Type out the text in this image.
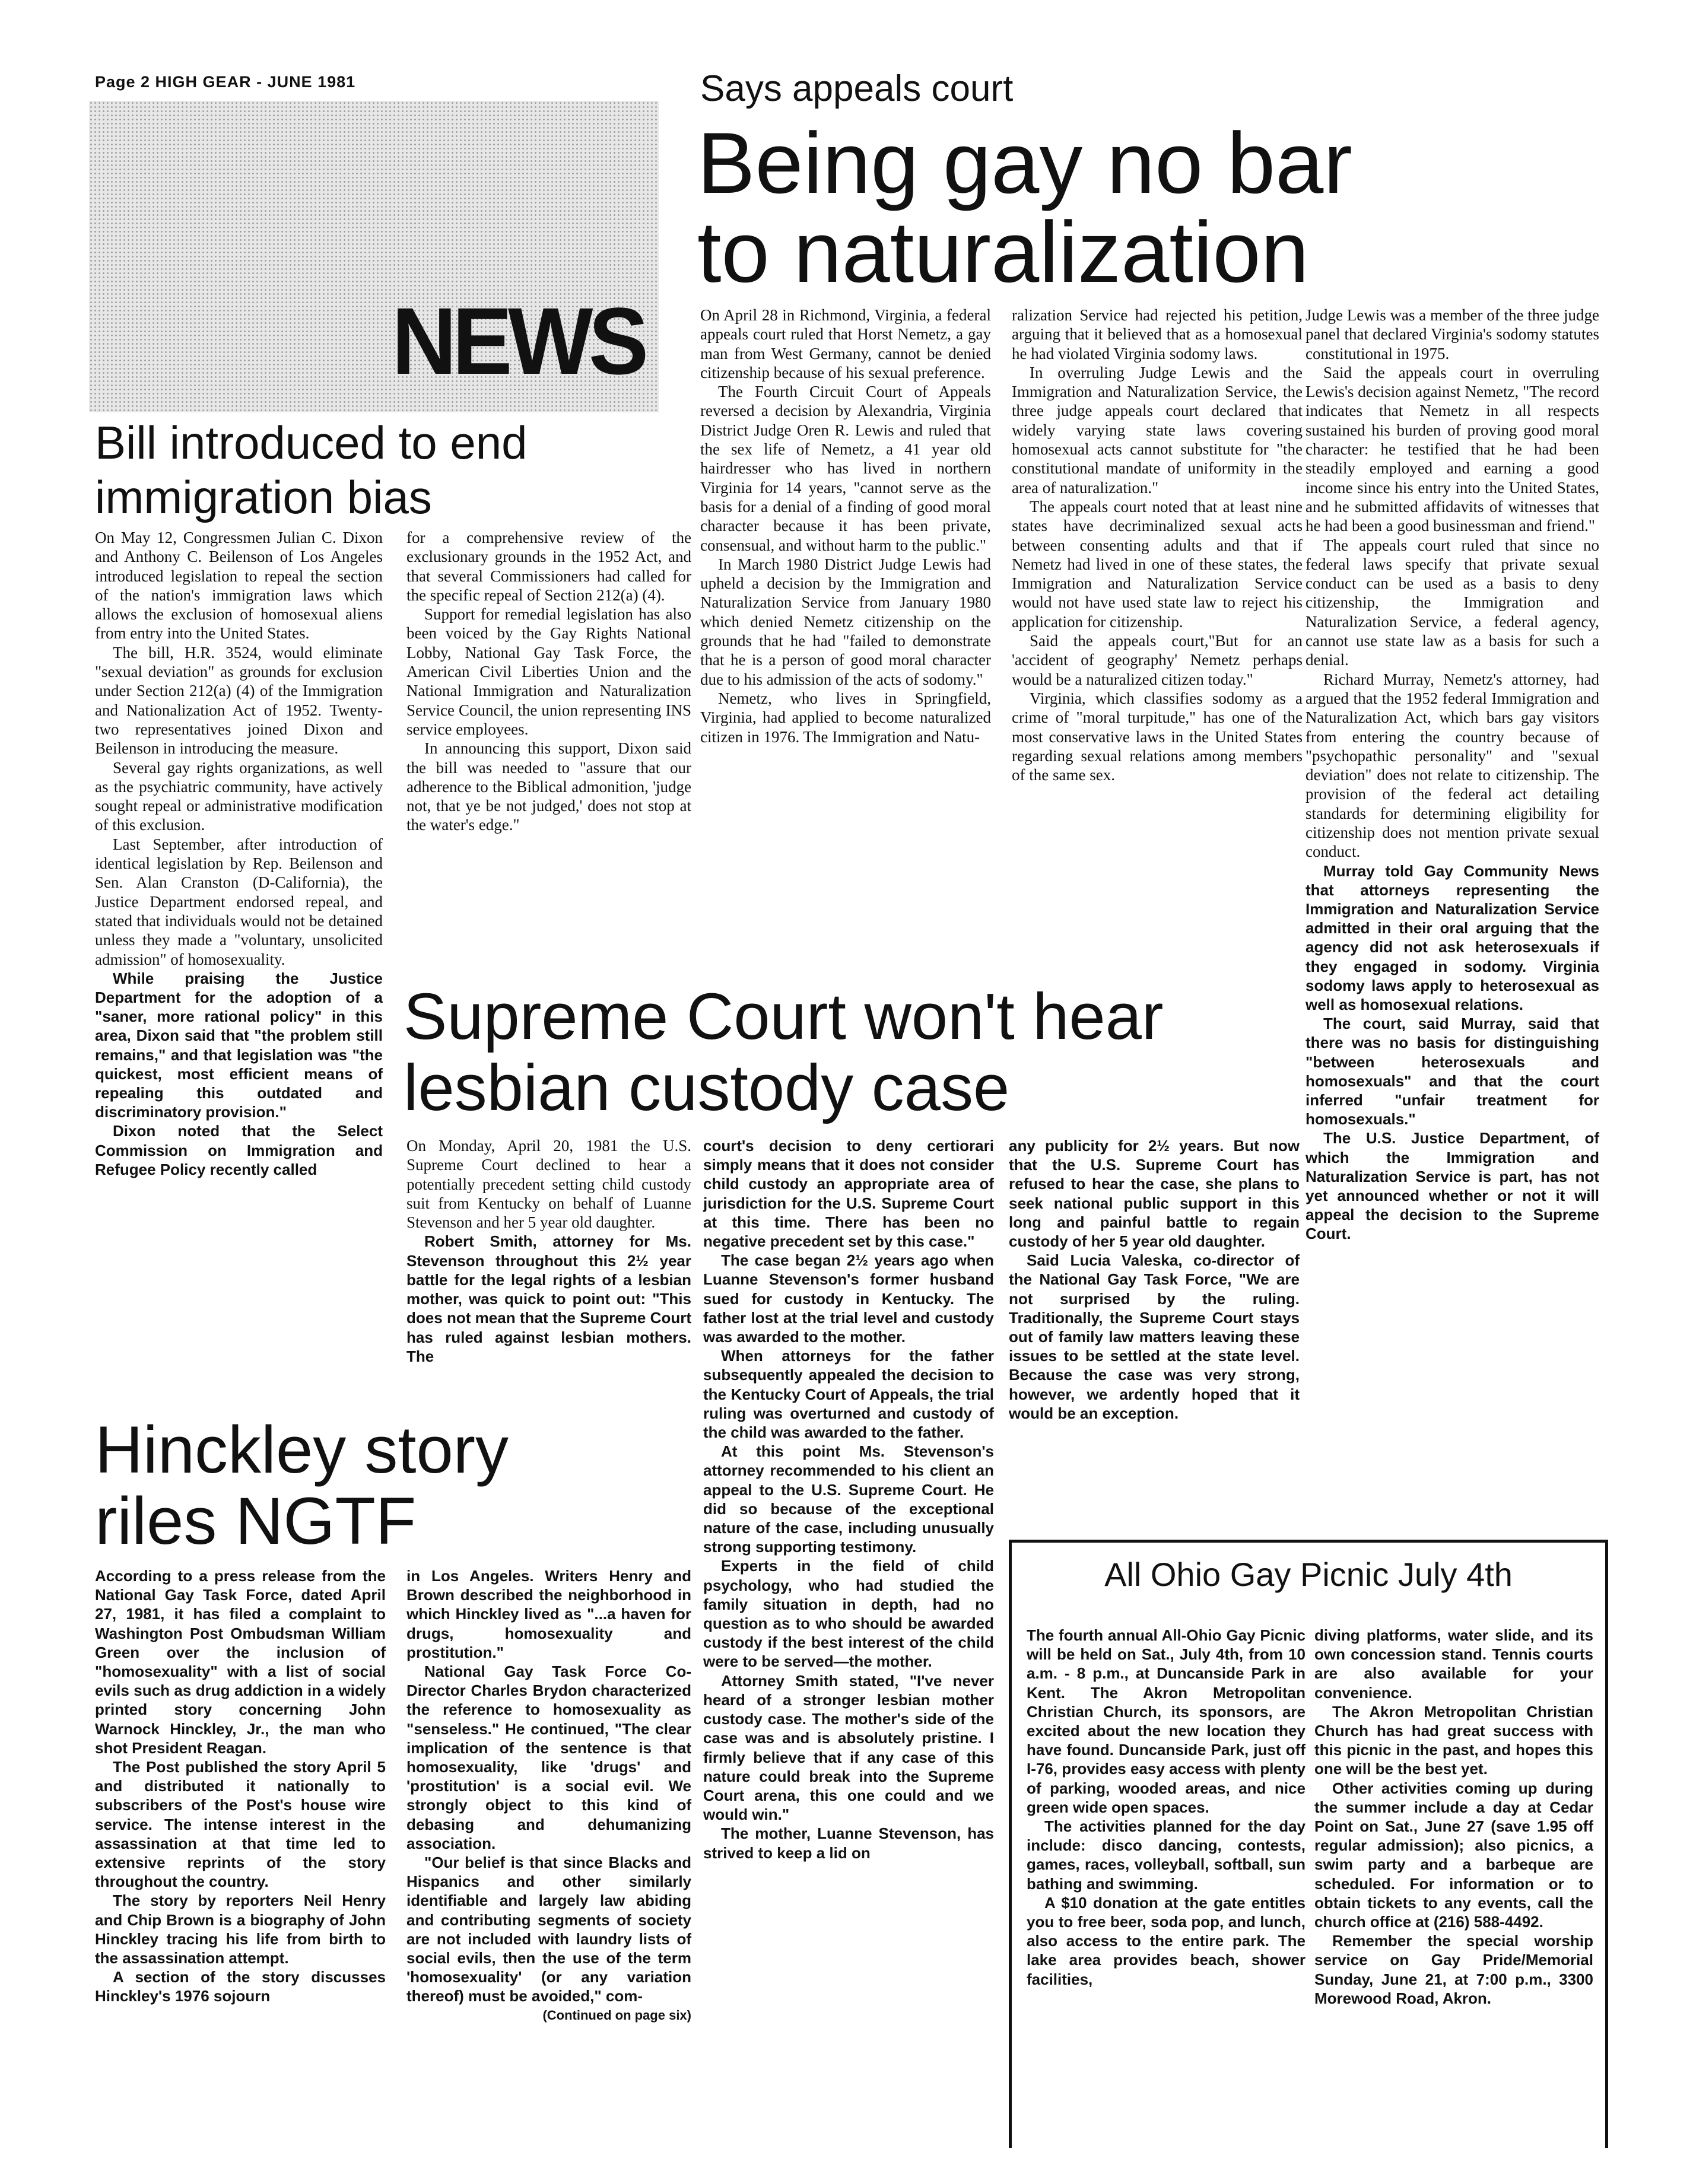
Page 2 HIGH GEAR - JUNE 1981
NEWS
Bill introduced to end immigration bias

On May 12, Congressmen Julian C. Dixon and Anthony C. Beilenson of Los Angeles introduced legislation to repeal the section of the nation's immigration laws which allows the exclusion of homosexual aliens from entry into the United States.

The bill, H.R. 3524, would eliminate "sexual deviation" as grounds for exclusion under Section 212(a) (4) of the Immigration and Nationalization Act of 1952. Twenty-two representatives joined Dixon and Beilenson in introducing the measure.

Several gay rights organizations, as well as the psychiatric community, have actively sought repeal or administrative modification of this exclusion.

Last September, after introduction of identical legislation by Rep. Beilenson and Sen. Alan Cranston (D-California), the Justice Department endorsed repeal, and stated that individuals would not be detained unless they made a "voluntary, unsolicited admission" of homosexuality.

While praising the Justice Department for the adoption of a "saner, more rational policy" in this area, Dixon said that "the problem still remains," and that legislation was "the quickest, most efficient means of repealing this outdated and discriminatory provision."

Dixon noted that the Select Commission on Immigration and Refugee Policy recently called

for a comprehensive review of the exclusionary grounds in the 1952 Act, and that several Commissioners had called for the specific repeal of Section 212(a) (4).

Support for remedial legislation has also been voiced by the Gay Rights National Lobby, National Gay Task Force, the American Civil Liberties Union and the National Immigration and Naturalization Service Council, the union representing INS service employees.

In announcing this support, Dixon said the bill was needed to "assure that our adherence to the Biblical admonition, 'judge not, that ye be not judged,' does not stop at the water's edge."

Says appeals court
Being gay no bar
to naturalization

On April 28 in Richmond, Virginia, a federal appeals court ruled that Horst Nemetz, a gay man from West Germany, cannot be denied citizenship because of his sexual preference.

The Fourth Circuit Court of Appeals reversed a decision by Alexandria, Virginia District Judge Oren R. Lewis and ruled that the sex life of Nemetz, a 41 year old hairdresser who has lived in northern Virginia for 14 years, "cannot serve as the basis for a denial of a finding of good moral character because it has been private, consensual, and without harm to the public."

In March 1980 District Judge Lewis had upheld a decision by the Immigration and Naturalization Service from January 1980 which denied Nemetz citizenship on the grounds that he had "failed to demonstrate that he is a person of good moral character due to his admission of the acts of sodomy."

Nemetz, who lives in Springfield, Virginia, had applied to become naturalized citizen in 1976. The Immigration and Natu-

ralization Service had rejected his petition, arguing that it believed that as a homosexual he had violated Virginia sodomy laws.

In overruling Judge Lewis and the Immigration and Naturalization Service, the three judge appeals court declared that widely varying state laws covering homosexual acts cannot substitute for "the constitutional mandate of uniformity in the area of naturalization."

The appeals court noted that at least nine states have decriminalized sexual acts between consenting adults and that if Nemetz had lived in one of these states, the Immigration and Naturalization Service would not have used state law to reject his application for citizenship.

Said the appeals court,"But for an 'accident of geography' Nemetz perhaps would be a naturalized citizen today."

Virginia, which classifies sodomy as a crime of "moral turpitude," has one of the most conservative laws in the United States regarding sexual relations among members of the same sex.

Judge Lewis was a member of the three judge panel that declared Virginia's sodomy statutes constitutional in 1975.

Said the appeals court in overruling Lewis's decision against Nemetz, "The record indicates that Nemetz in all respects sustained his burden of proving good moral character: he testified that he had been steadily employed and earning a good income since his entry into the United States, and he submitted affidavits of witnesses that he had been a good businessman and friend."

The appeals court ruled that since no federal laws specify that private sexual conduct can be used as a basis to deny citizenship, the Immigration and Naturalization Service, a federal agency, cannot use state law as a basis for such a denial.

Richard Murray, Nemetz's attorney, had argued that the 1952 federal Immigration and Naturalization Act, which bars gay visitors from entering the country because of "psychopathic personality" and "sexual deviation" does not relate to citizenship. The provision of the federal act detailing standards for determining eligibility for citizenship does not mention private sexual conduct.

Murray told Gay Community News that attorneys representing the Immigration and Naturalization Service admitted in their oral arguing that the agency did not ask heterosexuals if they engaged in sodomy. Virginia sodomy laws apply to heterosexual as well as homosexual relations.

The court, said Murray, said that there was no basis for distinguishing "between heterosexuals and homosexuals" and that the court inferred "unfair treatment for homosexuals."

The U.S. Justice Department, of which the Immigration and Naturalization Service is part, has not yet announced whether or not it will appeal the decision to the Supreme Court.

Supreme Court won't hear
lesbian custody case

On Monday, April 20, 1981 the U.S. Supreme Court declined to hear a potentially precedent setting child custody suit from Kentucky on behalf of Luanne Stevenson and her 5 year old daughter.

Robert Smith, attorney for Ms. Stevenson throughout this 2½ year battle for the legal rights of a lesbian mother, was quick to point out: "This does not mean that the Supreme Court has ruled against lesbian mothers. The

court's decision to deny certiorari simply means that it does not consider child custody an appropriate area of jurisdiction for the U.S. Supreme Court at this time. There has been no negative precedent set by this case."

The case began 2½ years ago when Luanne Stevenson's former husband sued for custody in Kentucky. The father lost at the trial level and custody was awarded to the mother.

When attorneys for the father subsequently appealed the decision to the Kentucky Court of Appeals, the trial ruling was overturned and custody of the child was awarded to the father.

At this point Ms. Stevenson's attorney recommended to his client an appeal to the U.S. Supreme Court. He did so because of the exceptional nature of the case, including unusually strong supporting testimony.

Experts in the field of child psychology, who had studied the family situation in depth, had no question as to who should be awarded custody if the best interest of the child were to be served—the mother.

Attorney Smith stated, "I've never heard of a stronger lesbian mother custody case. The mother's side of the case was and is absolutely pristine. I firmly believe that if any case of this nature could break into the Supreme Court arena, this one could and we would win."

The mother, Luanne Stevenson, has strived to keep a lid on

any publicity for 2½ years. But now that the U.S. Supreme Court has refused to hear the case, she plans to seek national public support in this long and painful battle to regain custody of her 5 year old daughter.

Said Lucia Valeska, co-director of the National Gay Task Force, "We are not surprised by the ruling. Traditionally, the Supreme Court stays out of family law matters leaving these issues to be settled at the state level. Because the case was very strong, however, we ardently hoped that it would be an exception.

Hinckley story
riles NGTF

According to a press release from the National Gay Task Force, dated April 27, 1981, it has filed a complaint to Washington Post Ombudsman William Green over the inclusion of "homosexuality" with a list of social evils such as drug addiction in a widely printed story concerning John Warnock Hinckley, Jr., the man who shot President Reagan.

The Post published the story April 5 and distributed it nationally to subscribers of the Post's house wire service. The intense interest in the assassination at that time led to extensive reprints of the story throughout the country.

The story by reporters Neil Henry and Chip Brown is a biography of John Hinckley tracing his life from birth to the assassination attempt.

A section of the story discusses Hinckley's 1976 sojourn

in Los Angeles. Writers Henry and Brown described the neighborhood in which Hinckley lived as "...a haven for drugs, homosexuality and prostitution."

National Gay Task Force Co-Director Charles Brydon characterized the reference to homosexuality as "senseless." He continued, "The clear implication of the sentence is that homosexuality, like 'drugs' and 'prostitution' is a social evil. We strongly object to this kind of debasing and dehumanizing association.

"Our belief is that since Blacks and Hispanics and other similarly identifiable and largely law abiding and contributing segments of society are not included with laundry lists of social evils, then the use of the term 'homosexuality' (or any variation thereof) must be avoided," com-

(Continued on page six)

All Ohio Gay Picnic July 4th

The fourth annual All-Ohio Gay Picnic will be held on Sat., July 4th, from 10 a.m. - 8 p.m., at Duncanside Park in Kent. The Akron Metropolitan Christian Church, its sponsors, are excited about the new location they have found. Duncanside Park, just off I-76, provides easy access with plenty of parking, wooded areas, and nice green wide open spaces.

The activities planned for the day include: disco dancing, contests, games, races, volleyball, softball, sun bathing and swimming.

A $10 donation at the gate entitles you to free beer, soda pop, and lunch, also access to the entire park. The lake area provides beach, shower facilities,

diving platforms, water slide, and its own concession stand. Tennis courts are also available for your convenience.

The Akron Metropolitan Christian Church has had great success with this picnic in the past, and hopes this one will be the best yet.

Other activities coming up during the summer include a day at Cedar Point on Sat., June 27 (save 1.95 off regular admission); also picnics, a swim party and a barbeque are scheduled. For information or to obtain tickets to any events, call the church office at (216) 588-4492.

Remember the special worship service on Gay Pride/Memorial Sunday, June 21, at 7:00 p.m., 3300 Morewood Road, Akron.
